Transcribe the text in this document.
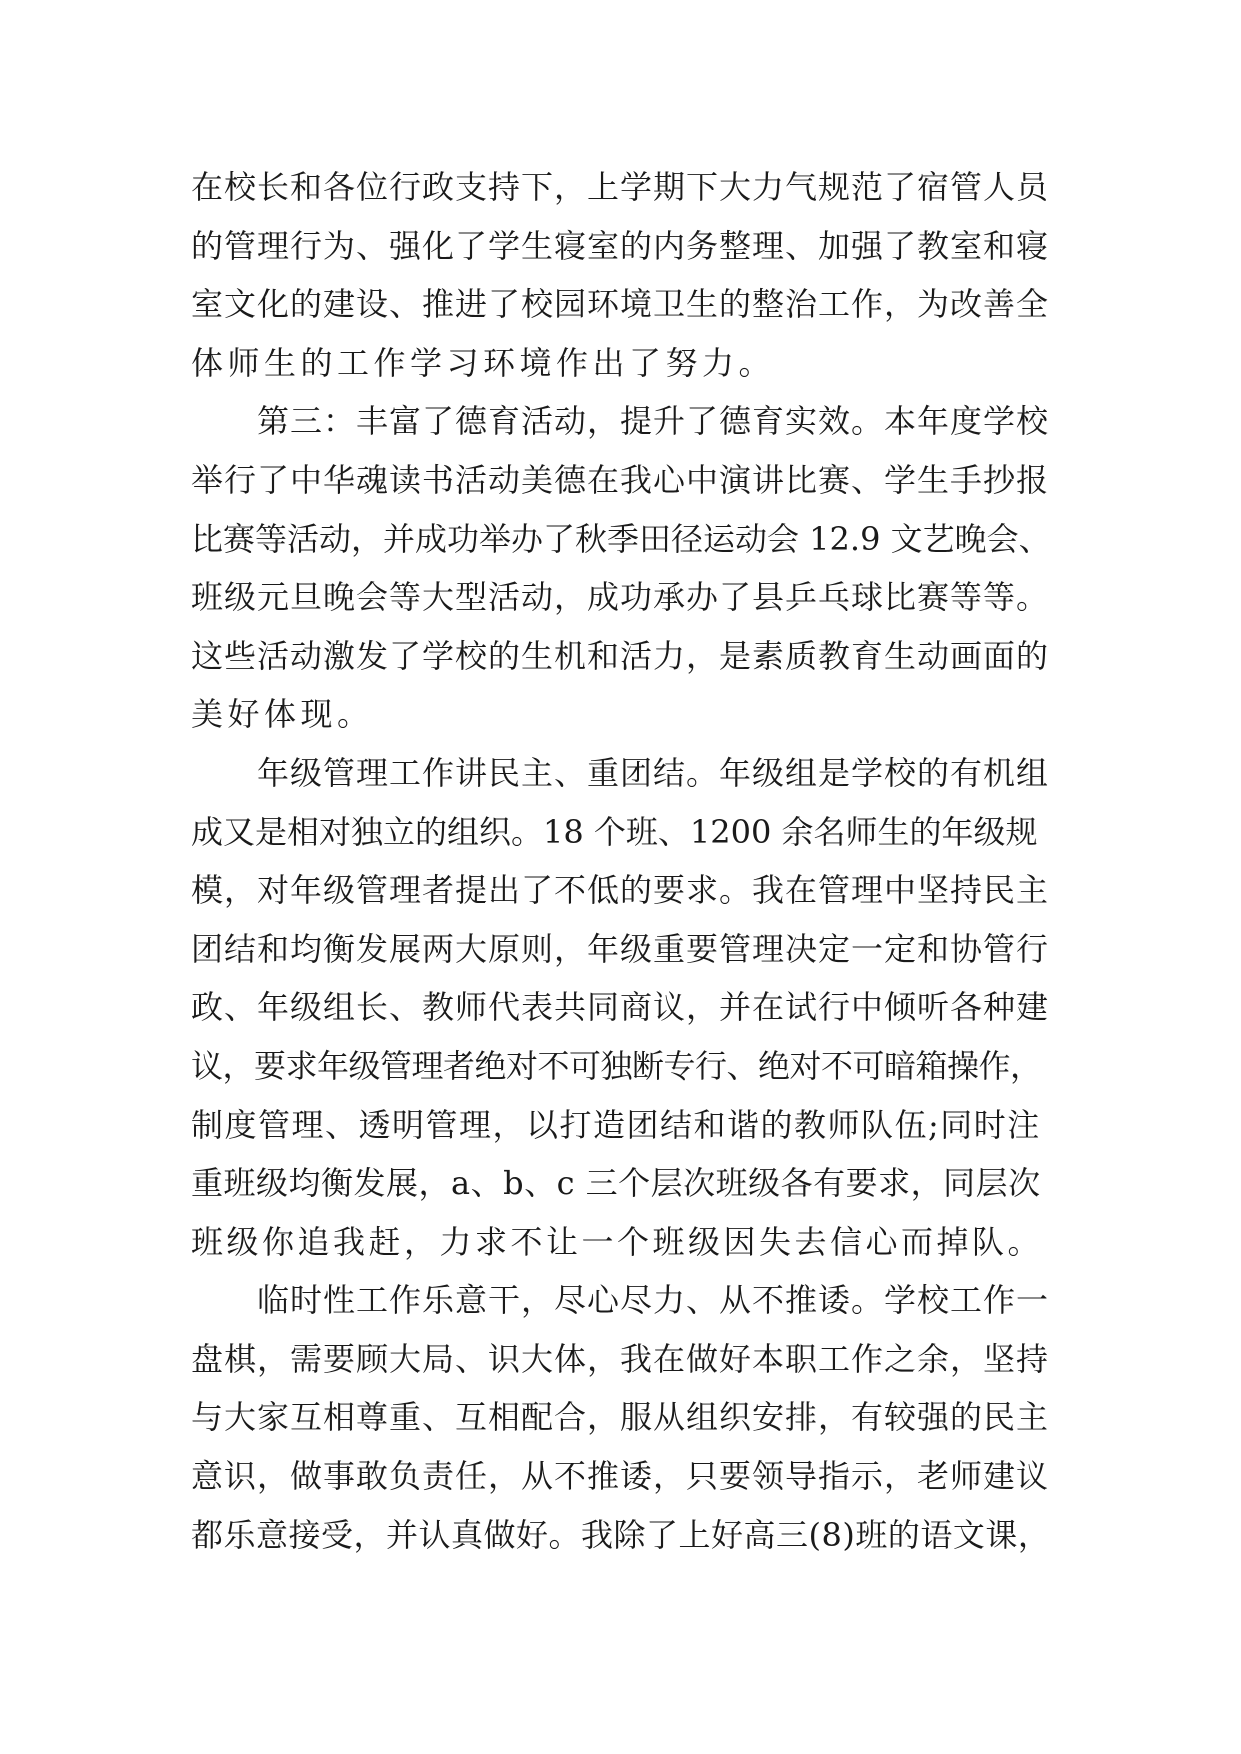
在校长和各位行政支持下，上学期下大力气规范了宿管人员
的管理行为、强化了学生寝室的内务整理、加强了教室和寝
室文化的建设、推进了校园环境卫生的整治工作，为改善全
体师生的工作学习环境作出了努力。
第三：丰富了德育活动，提升了德育实效。本年度学校
举行了中华魂读书活动美德在我心中演讲比赛、学生手抄报
比赛等活动，并成功举办了秋季田径运动会 12.9 文艺晚会、
班级元旦晚会等大型活动，成功承办了县乒乓球比赛等等。
这些活动激发了学校的生机和活力，是素质教育生动画面的
美好体现。
年级管理工作讲民主、重团结。年级组是学校的有机组
成又是相对独立的组织。18 个班、1200 余名师生的年级规
模，对年级管理者提出了不低的要求。我在管理中坚持民主
团结和均衡发展两大原则，年级重要管理决定一定和协管行
政、年级组长、教师代表共同商议，并在试行中倾听各种建
议，要求年级管理者绝对不可独断专行、绝对不可暗箱操作，
制度管理、透明管理，以打造团结和谐的教师队伍;同时注
重班级均衡发展，a、b、c 三个层次班级各有要求，同层次
班级你追我赶，力求不让一个班级因失去信心而掉队。
临时性工作乐意干，尽心尽力、从不推诿。学校工作一
盘棋，需要顾大局、识大体，我在做好本职工作之余，坚持
与大家互相尊重、互相配合，服从组织安排，有较强的民主
意识，做事敢负责任，从不推诿，只要领导指示，老师建议
都乐意接受，并认真做好。我除了上好高三(8)班的语文课，
